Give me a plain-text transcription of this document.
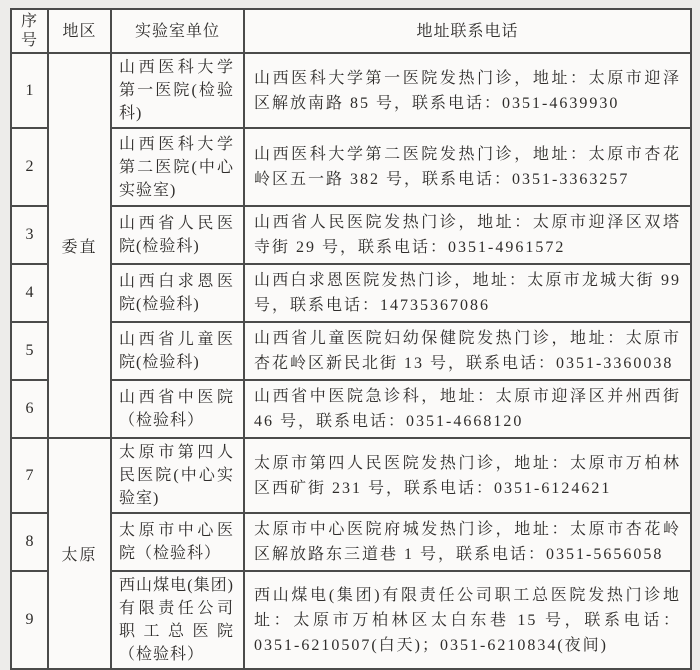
序号	地区	实验室单位	地址联系电话
1	委直	山西医科大学第一医院(检验科)	山西医科大学第一医院发热门诊，地址：太原市迎泽区解放南路 85 号，联系电话：0351-4639930
2		山西医科大学第二医院(中心实验室)	山西医科大学第二医院发热门诊，地址：太原市杏花岭区五一路 382 号，联系电话：0351-3363257
3		山西省人民医院(检验科)	山西省人民医院发热门诊，地址：太原市迎泽区双塔寺街 29 号，联系电话：0351-4961572
4		山西白求恩医院(检验科)	山西白求恩医院发热门诊，地址：太原市龙城大街 99 号，联系电话：14735367086
5		山西省儿童医院(检验科)	山西省儿童医院妇幼保健院发热门诊，地址：太原市杏花岭区新民北街 13 号，联系电话：0351-3360038
6		山西省中医院（检验科）	山西省中医院急诊科，地址：太原市迎泽区并州西街 46 号，联系电话：0351-4668120
7	太原	太原市第四人民医院(中心实验室)	太原市第四人民医院发热门诊，地址：太原市万柏林区西矿街 231 号，联系电话：0351-6124621
8		太原市中心医院（检验科）	太原市中心医院府城发热门诊，地址：太原市杏花岭区解放路东三道巷 1 号，联系电话：0351-5656058
9		西山煤电(集团)有限责任公司职工总医院（检验科）	西山煤电(集团)有限责任公司职工总医院发热门诊地址：太原市万柏林区太白东巷 15 号，联系电话：0351-6210507(白天)；0351-6210834(夜间)
